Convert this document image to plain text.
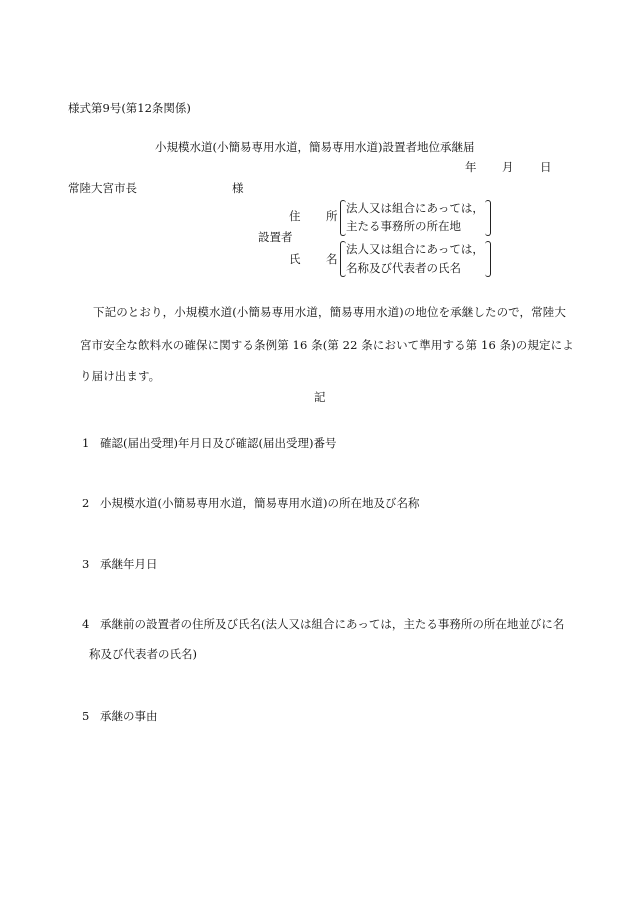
様式第9号(第12条関係)
小規模水道(小簡易専用水道，簡易専用水道)設置者地位承継届
年 月 日
常陸大宮市長	様
住 所
法人又は組合にあっては，
主たる事務所の所在地
設置者
氏 名
法人又は組合にあっては，
名称及び代表者の氏名
下記のとおり，小規模水道(小簡易専用水道，簡易専用水道)の地位を承継したので，常陸大
宮市安全な飲料水の確保に関する条例第 16 条(第 22 条において準用する第 16 条)の規定によ
り届け出ます。
記
1 確認(届出受理)年月日及び確認(届出受理)番号
2 小規模水道(小簡易専用水道，簡易専用水道)の所在地及び名称
3 承継年月日
4 承継前の設置者の住所及び氏名(法人又は組合にあっては，主たる事務所の所在地並びに名
称及び代表者の氏名)
5 承継の事由
